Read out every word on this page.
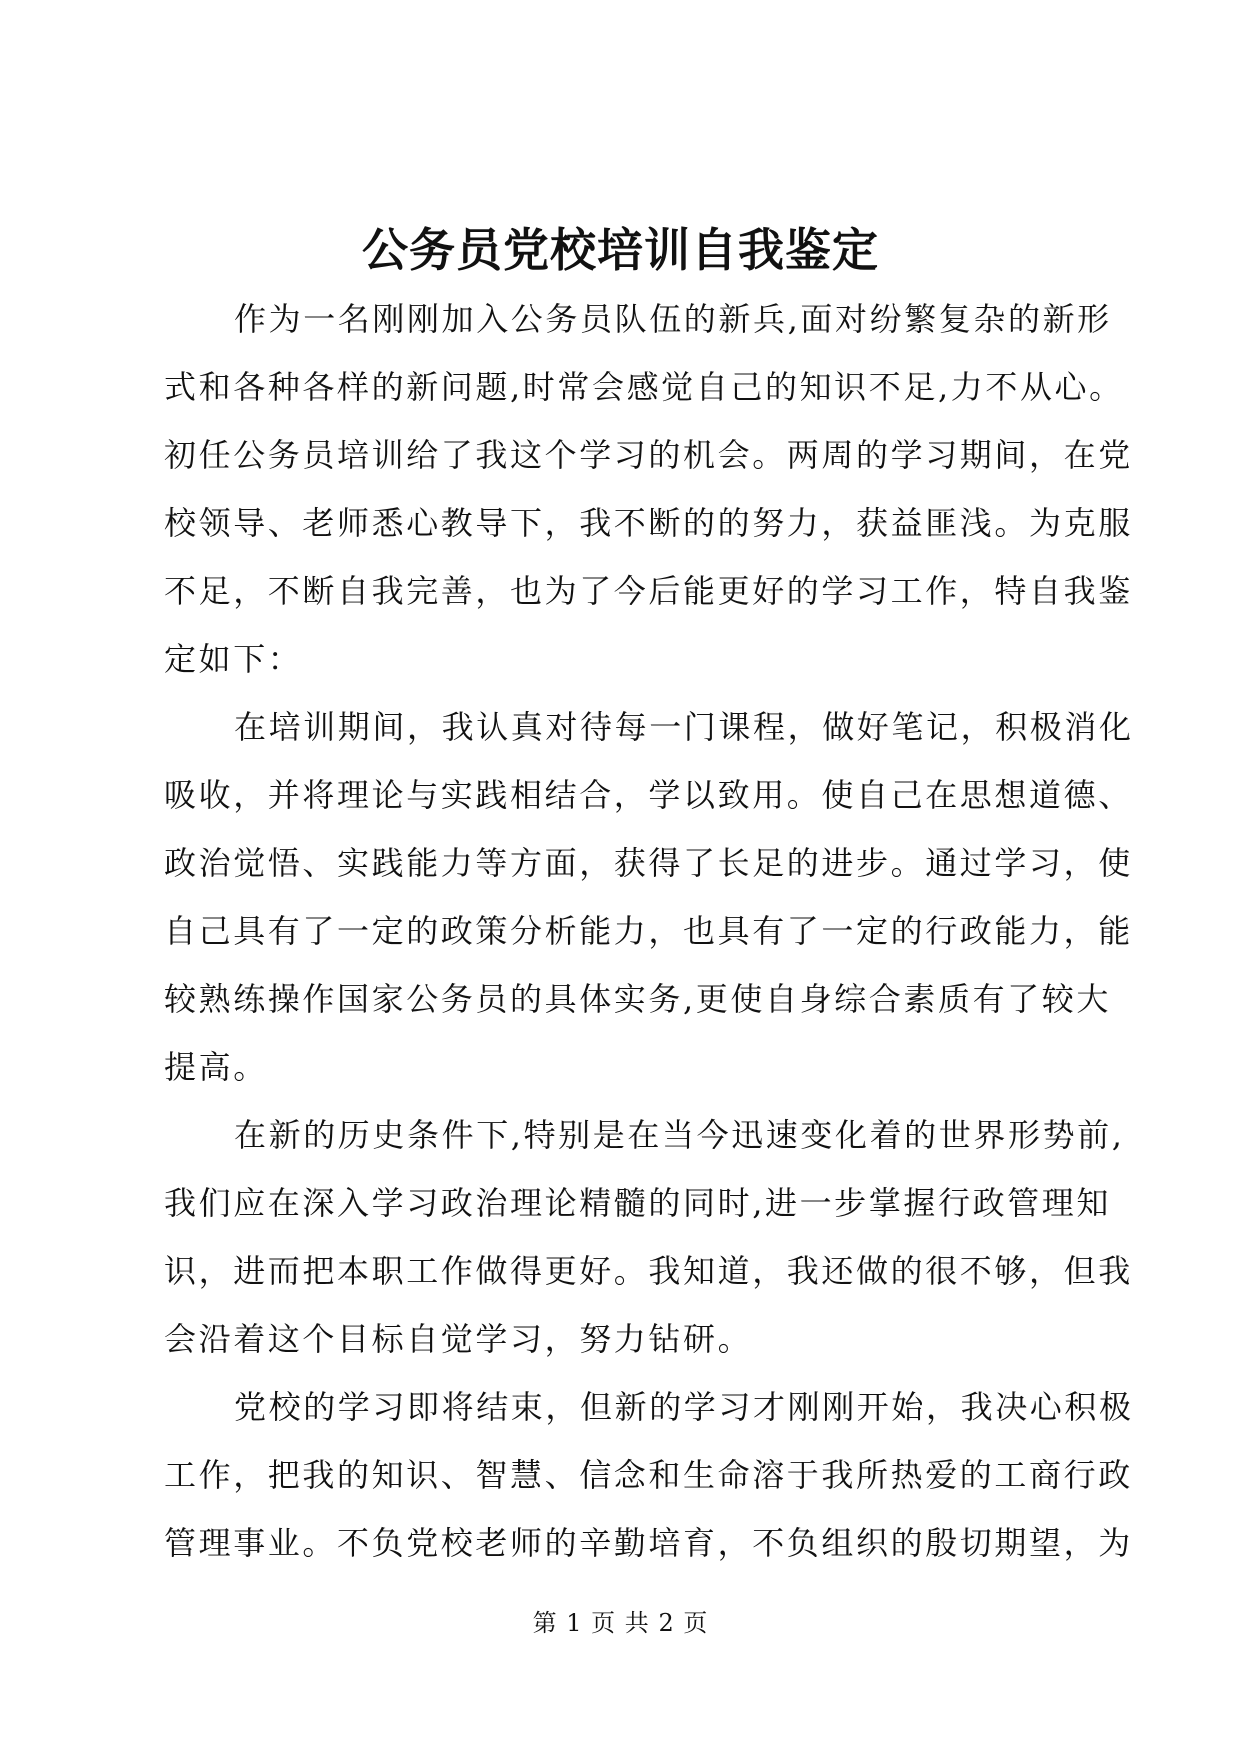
公务员党校培训自我鉴定
作为一名刚刚加入公务员队伍的新兵,面对纷繁复杂的新形
式和各种各样的新问题,时常会感觉自己的知识不足,力不从心。
初任公务员培训给了我这个学习的机会。两周的学习期间，在党
校领导、老师悉心教导下，我不断的的努力，获益匪浅。为克服
不足，不断自我完善，也为了今后能更好的学习工作，特自我鉴
定如下：
在培训期间，我认真对待每一门课程，做好笔记，积极消化
吸收，并将理论与实践相结合，学以致用。使自己在思想道德、
政治觉悟、实践能力等方面，获得了长足的进步。通过学习，使
自己具有了一定的政策分析能力，也具有了一定的行政能力，能
较熟练操作国家公务员的具体实务,更使自身综合素质有了较大
提高。
在新的历史条件下,特别是在当今迅速变化着的世界形势前,
我们应在深入学习政治理论精髓的同时,进一步掌握行政管理知
识，进而把本职工作做得更好。我知道，我还做的很不够，但我
会沿着这个目标自觉学习，努力钻研。
党校的学习即将结束，但新的学习才刚刚开始，我决心积极
工作，把我的知识、智慧、信念和生命溶于我所热爱的工商行政
管理事业。不负党校老师的辛勤培育，不负组织的殷切期望，为
第 1 页 共 2 页
